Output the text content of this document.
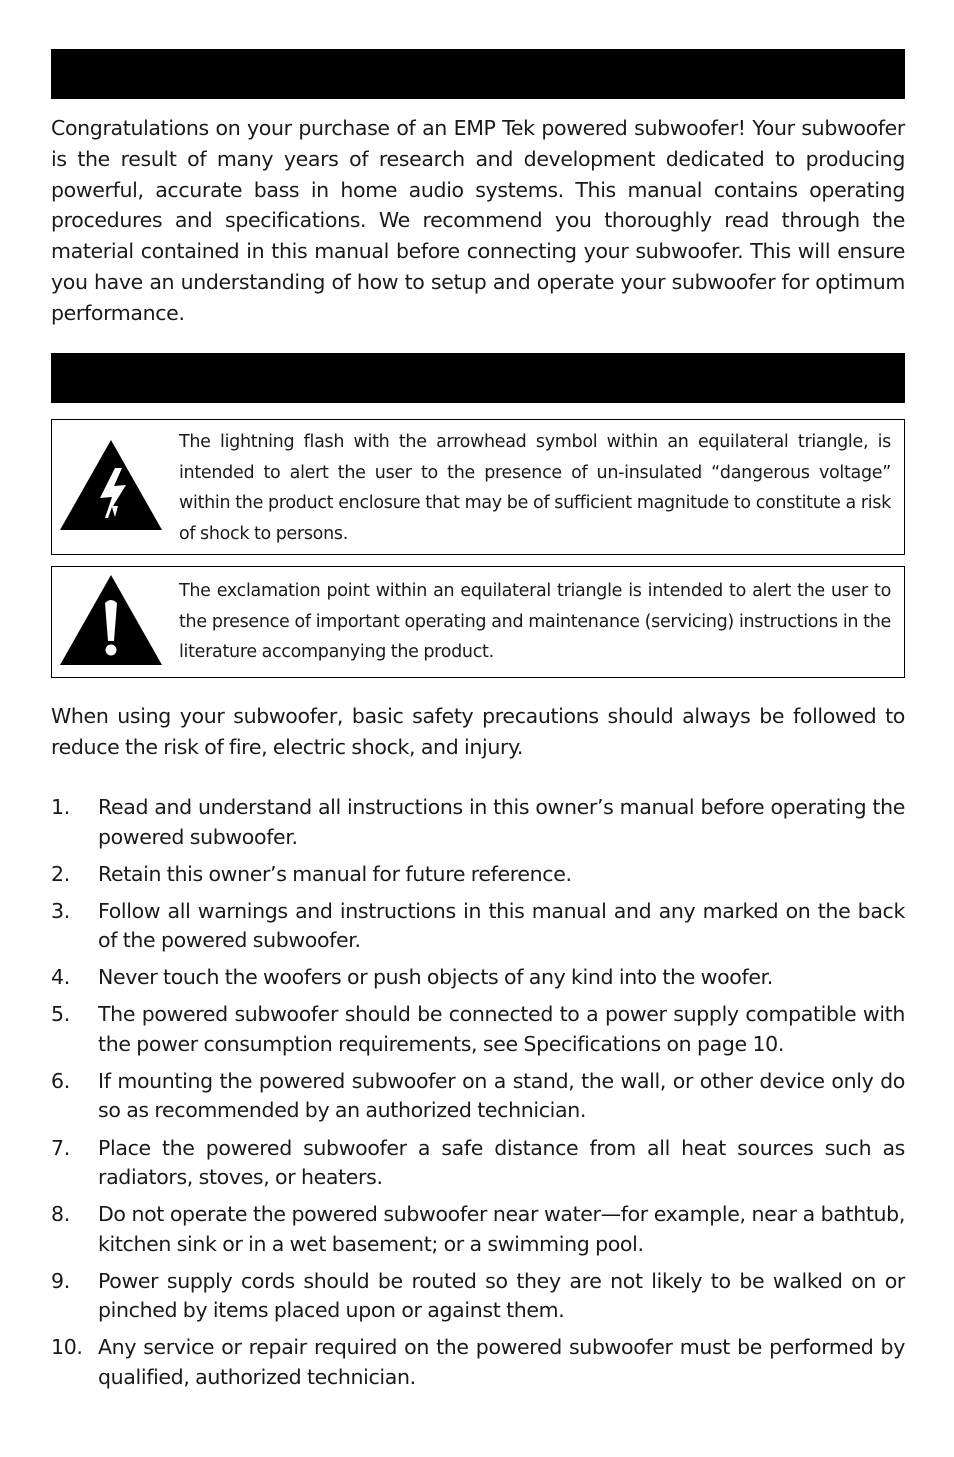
Congratulations on your purchase of an EMP Tek powered subwoofer! Your subwoofer is the result of many years of research and development dedicated to producing powerful, accurate bass in home audio systems. This manual contains operating procedures and specifications. We recommend you thoroughly read through the material contained in this manual before connecting your subwoofer. This will ensure you have an understanding of how to setup and operate your subwoofer for optimum performance.
The lightning flash with the arrowhead symbol within an equilateral triangle, is intended to alert the user to the presence of un-insulated “dangerous voltage” within the product enclosure that may be of sufficient magnitude to constitute a risk of shock to persons.
The exclamation point within an equilateral triangle is intended to alert the user to the presence of important operating and maintenance (servicing) instructions in the literature accompanying the product.
When using your subwoofer, basic safety precautions should always be followed to reduce the risk of fire, electric shock, and injury.
1. Read and understand all instructions in this owner’s manual before operating the powered subwoofer.
2. Retain this owner’s manual for future reference.
3. Follow all warnings and instructions in this manual and any marked on the back of the powered subwoofer.
4. Never touch the woofers or push objects of any kind into the woofer.
5. The powered subwoofer should be connected to a power supply compatible with the power consumption requirements, see Specifications on page 10.
6. If mounting the powered subwoofer on a stand, the wall, or other device only do so as recommended by an authorized technician.
7. Place the powered subwoofer a safe distance from all heat sources such as radiators, stoves, or heaters.
8. Do not operate the powered subwoofer near water—for example, near a bathtub, kitchen sink or in a wet basement; or a swimming pool.
9. Power supply cords should be routed so they are not likely to be walked on or pinched by items placed upon or against them.
10. Any service or repair required on the powered subwoofer must be performed by qualified, authorized technician.
